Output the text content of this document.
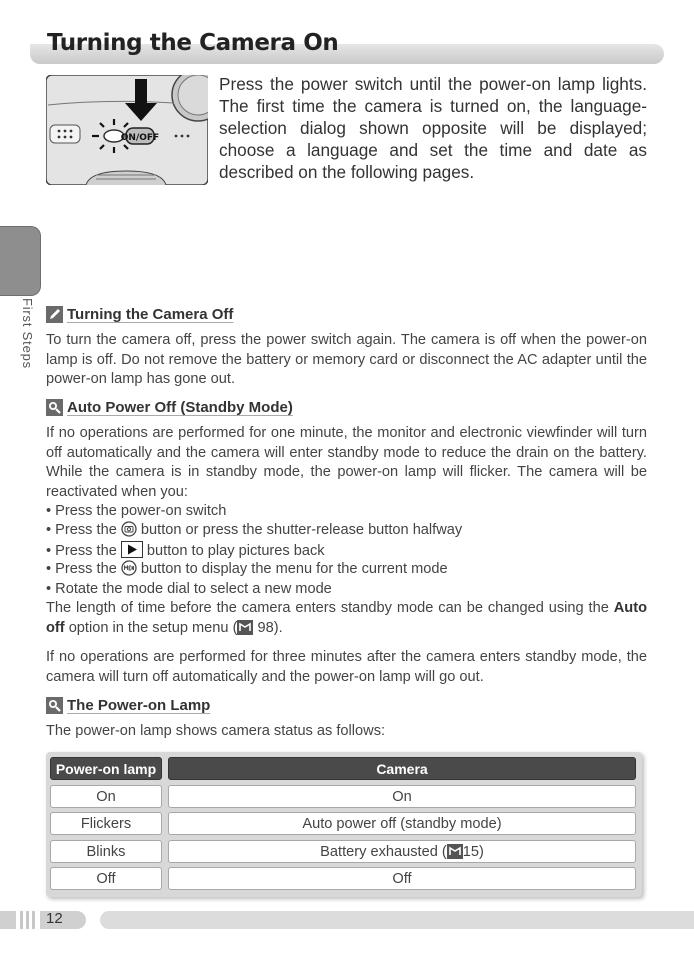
Turning the Camera On
ON/OFF

Press the power switch until the power-on lamp lights. The first time the camera is turned on, the language-selection dialog shown opposite will be displayed; choose a language and set the time and date as described on the following pages.

First Steps Turning the Camera Off

To turn the camera off, press the power switch again. The camera is off when the power-on lamp is off. Do not remove the battery or memory card or disconnect the AC adapter until the power-on lamp has gone out.

Auto Power Off (Standby Mode)

If no operations are performed for one minute, the monitor and electronic viewfinder will turn off automatically and the camera will enter standby mode to reduce the drain on the battery. While the camera is in standby mode, the power-on lamp will flicker. The camera will be reactivated when you:

• Press the power-on switch

• Press the  button or press the shutter-release button halfway

• Press the  button to play pictures back

• Press the  button to display the menu for the current mode

• Rotate the mode dial to select a new mode

The length of time before the camera enters standby mode can be changed using the Auto off option in the setup menu ( 98).

If no operations are performed for three minutes after the camera enters standby mode, the camera will turn off automatically and the power-on lamp will go out.

The Power-on Lamp

The power-on lamp shows camera status as follows:

Power-on lamp	Camera
On	On
Flickers	Auto power off (standby mode)
Blinks	Battery exhausted ( 15)
Off	Off
12
